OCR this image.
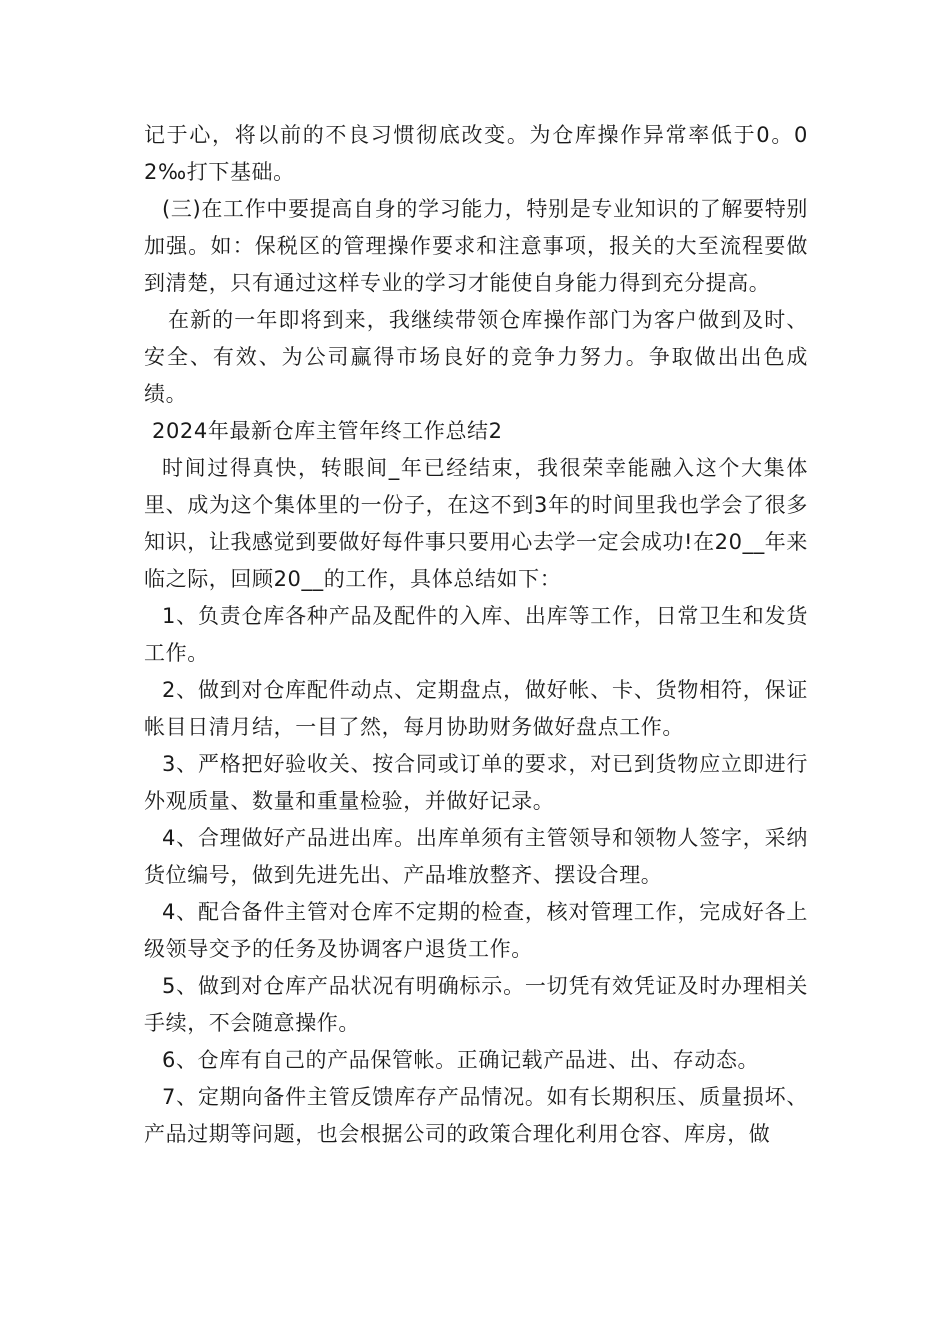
记于心，将以前的不良习惯彻底改变。为仓库操作异常率低于0。02‰打下基础。

(三)在工作中要提高自身的学习能力，特别是专业知识的了解要特别加强。如：保税区的管理操作要求和注意事项，报关的大至流程要做到清楚，只有通过这样专业的学习才能使自身能力得到充分提高。

在新的一年即将到来，我继续带领仓库操作部门为客户做到及时、安全、有效、为公司赢得市场良好的竞争力努力。争取做出出色成绩。

2024年最新仓库主管年终工作总结2

时间过得真快，转眼间_年已经结束，我很荣幸能融入这个大集体里、成为这个集体里的一份子，在这不到3年的时间里我也学会了很多知识，让我感觉到要做好每件事只要用心去学一定会成功!在20__年来临之际，回顾20__的工作，具体总结如下：

1、负责仓库各种产品及配件的入库、出库等工作，日常卫生和发货工作。

2、做到对仓库配件动点、定期盘点，做好帐、卡、货物相符，保证帐目日清月结，一目了然，每月协助财务做好盘点工作。

3、严格把好验收关、按合同或订单的要求，对已到货物应立即进行外观质量、数量和重量检验，并做好记录。

4、合理做好产品进出库。出库单须有主管领导和领物人签字，采纳货位编号，做到先进先出、产品堆放整齐、摆设合理。

4、配合备件主管对仓库不定期的检查，核对管理工作，完成好各上级领导交予的任务及协调客户退货工作。

5、做到对仓库产品状况有明确标示。一切凭有效凭证及时办理相关手续，不会随意操作。

6、仓库有自己的产品保管帐。正确记载产品进、出、存动态。

7、定期向备件主管反馈库存产品情况。如有长期积压、质量损坏、产品过期等问题，也会根据公司的政策合理化利用仓容、库房，做
